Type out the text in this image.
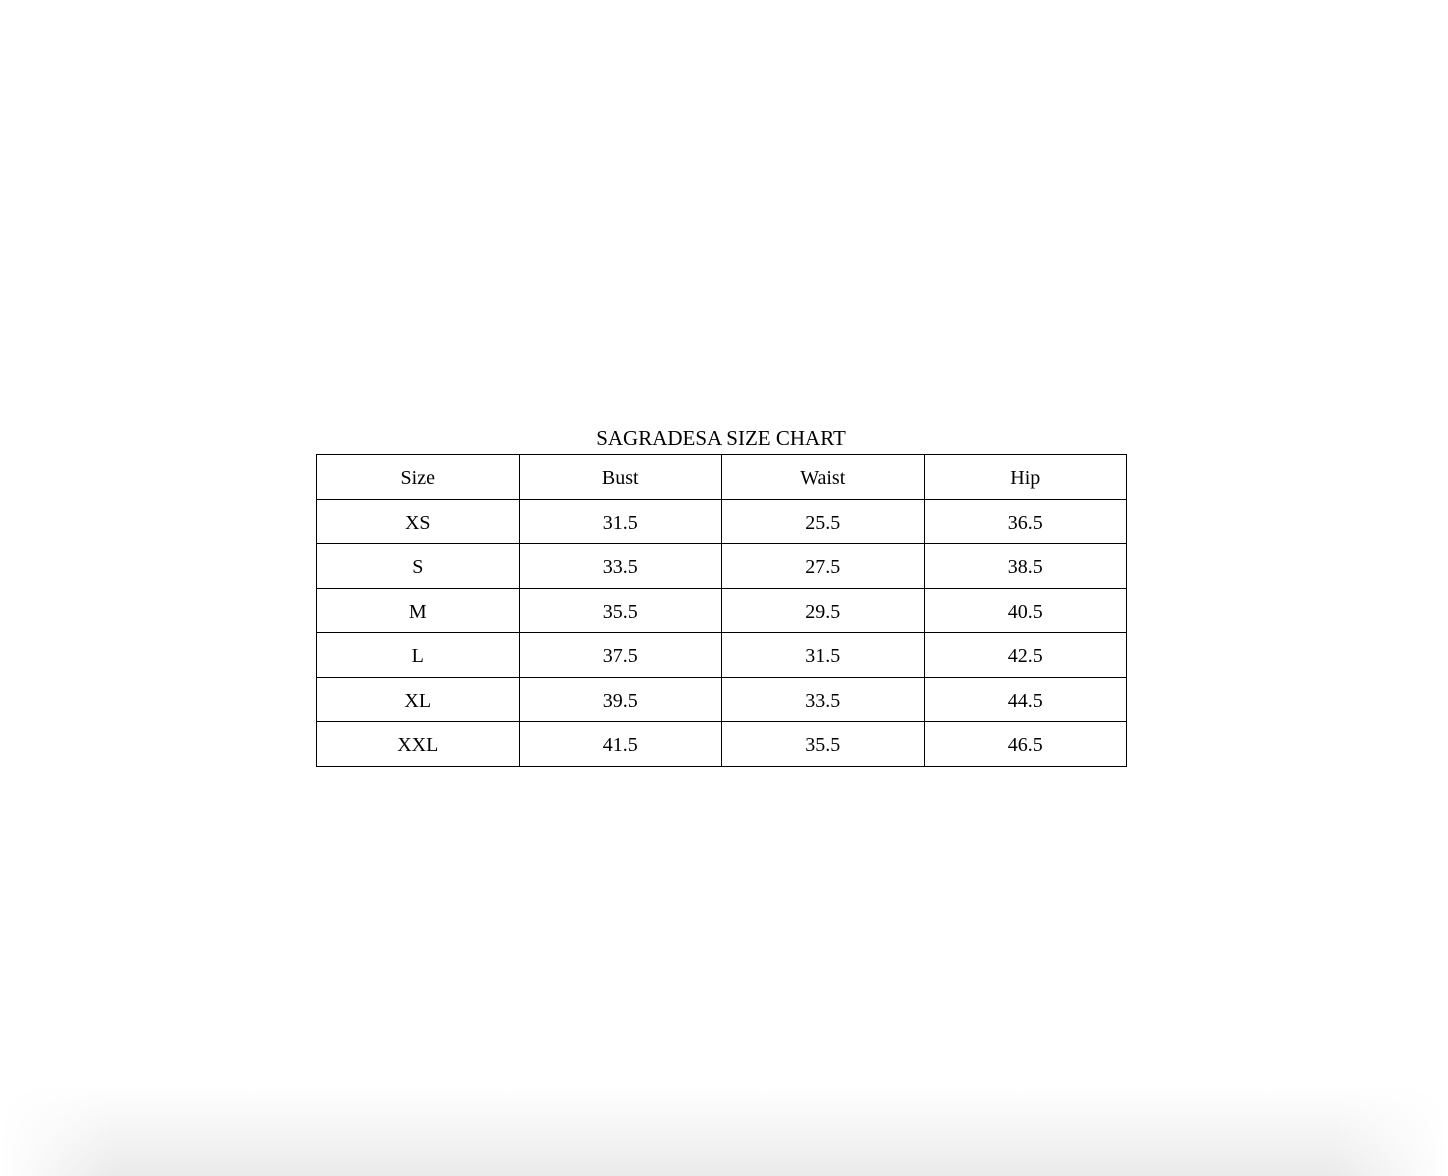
SAGRADESA SIZE CHART
Size	Bust	Waist	Hip
XS	31.5	25.5	36.5
S	33.5	27.5	38.5
M	35.5	29.5	40.5
L	37.5	31.5	42.5
XL	39.5	33.5	44.5
XXL	41.5	35.5	46.5
